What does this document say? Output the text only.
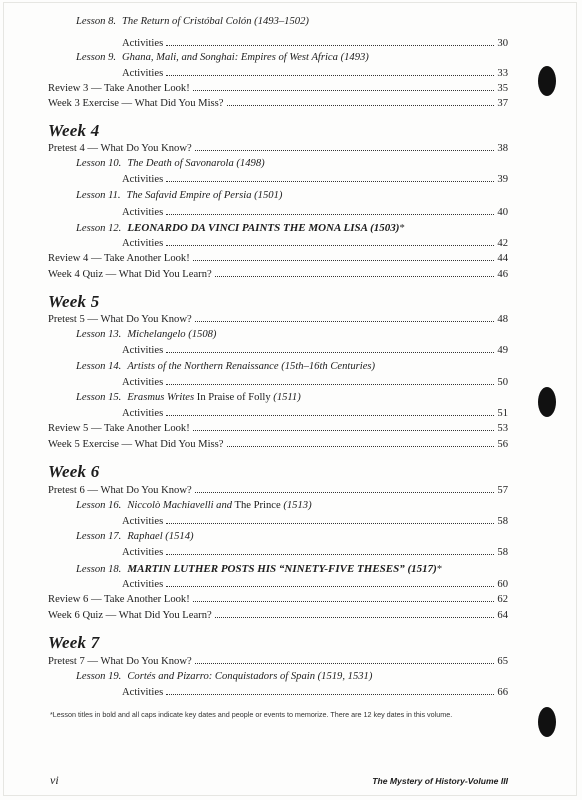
Lesson 8. The Return of Cristóbal Colón (1493–1502)
Activities	30
Lesson 9. Ghana, Mali, and Songhai: Empires of West Africa (1493)
Activities	33
Review 3 — Take Another Look!	35
Week 3 Exercise — What Did You Miss?	37
Week 4
Pretest 4 — What Do You Know?	38
Lesson 10. The Death of Savonarola (1498)
Activities	39
Lesson 11. The Safavid Empire of Persia (1501)
Activities	40
Lesson 12. LEONARDO DA VINCI PAINTS THE MONA LISA (1503)*
Activities	42
Review 4 — Take Another Look!	44
Week 4 Quiz — What Did You Learn?	46
Week 5
Pretest 5 — What Do You Know?	48
Lesson 13. Michelangelo (1508)
Activities	49
Lesson 14. Artists of the Northern Renaissance (15th–16th Centuries)
Activities	50
Lesson 15. Erasmus Writes In Praise of Folly (1511)
Activities	51
Review 5 — Take Another Look!	53
Week 5 Exercise — What Did You Miss?	56
Week 6
Pretest 6 — What Do You Know?	57
Lesson 16. Niccolò Machiavelli and The Prince (1513)
Activities	58
Lesson 17. Raphael (1514)
Activities	58
Lesson 18. MARTIN LUTHER POSTS HIS “NINETY-FIVE THESES” (1517)*
Activities	60
Review 6 — Take Another Look!	62
Week 6 Quiz — What Did You Learn?	64
Week 7
Pretest 7 — What Do You Know?	65
Lesson 19. Cortés and Pizarro: Conquistadors of Spain (1519, 1531)
Activities	66
*Lesson titles in bold and all caps indicate key dates and people or events to memorize. There are 12 key dates in this volume.
vi	The Mystery of History-Volume III
